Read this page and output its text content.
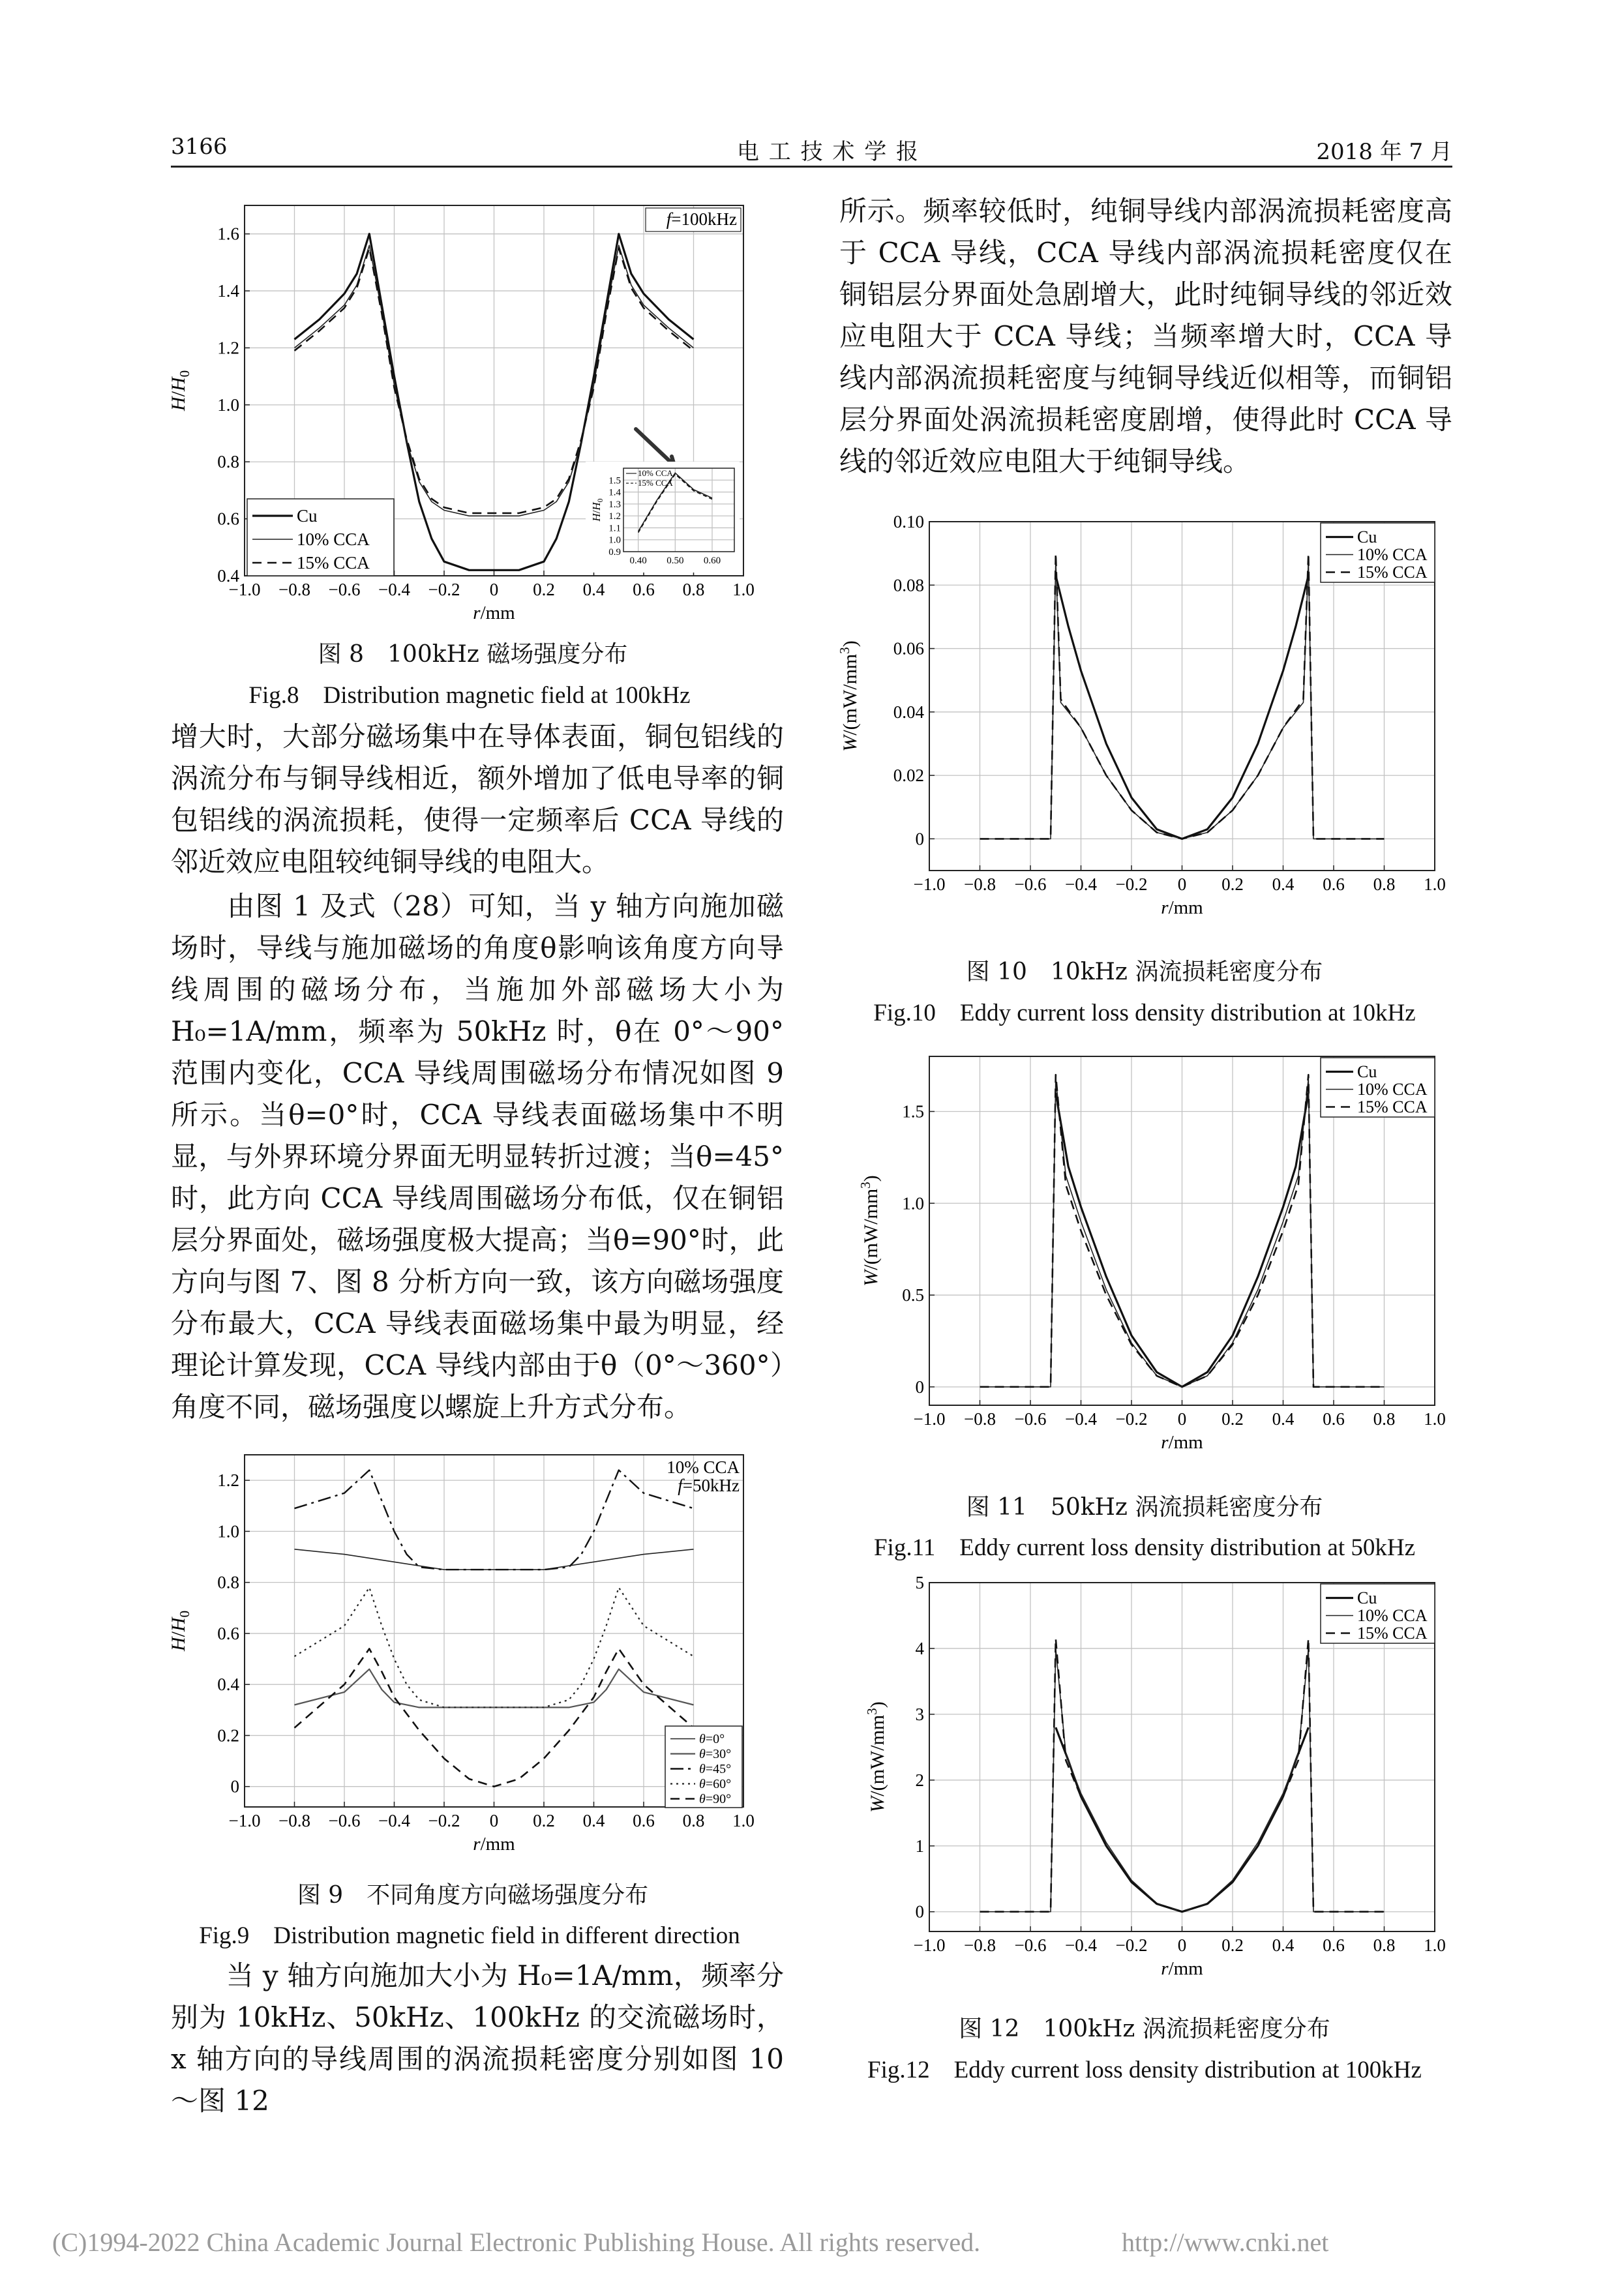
3166	电 工 技 术 学 报	2018 年 7 月
−1.0 −0.8 −0.6 −0.4 −0.2 0 0.2 0.4 0.6 0.8 1.0
0.4
0.6
0.8
1.0
1.2
1.4
1.6
r/mm
$H/H_0$
Cu
10% CCA
15% CCA
f=100kHz
0.40 0.50 0.60
0.9
1.0
1.1
1.2
1.3
1.4
1.5
$H/H_0$
10% CCA
15% CCA
图 8　100kHz 磁场强度分布
Fig.8　Distribution magnetic field at 100kHz
增大时，大部分磁场集中在导体表面，铜包铝线的涡流分布与铜导线相近，额外增加了低电导率的铜包铝线的涡流损耗，使得一定频率后 CCA 导线的邻近效应电阻较纯铜导线的电阻大。
　　由图 1 及式（28）可知，当 y 轴方向施加磁场时，导线与施加磁场的角度θ影响该角度方向导线周围的磁场分布，当施加外部磁场大小为 H₀=1A/mm，频率为 50kHz 时，θ在 0°～90°范围内变化，CCA 导线周围磁场分布情况如图 9 所示。当θ=0°时，CCA 导线表面磁场集中不明显，与外界环境分界面无明显转折过渡；当θ=45°时，此方向 CCA 导线周围磁场分布低，仅在铜铝层分界面处，磁场强度极大提高；当θ=90°时，此方向与图 7、图 8 分析方向一致，该方向磁场强度分布最大，CCA 导线表面磁场集中最为明显，经理论计算发现，CCA 导线内部由于θ（0°～360°）角度不同，磁场强度以螺旋上升方式分布。
−1.0 −0.8 −0.6 −0.4 −0.2 0 0.2 0.4 0.6 0.8 1.0
0
0.2
0.4
0.6
0.8
1.0
1.2
r/mm
$H/H_0$
θ=0°
θ=30°
θ=45°
θ=60°
θ=90°
10% CCA
f=50kHz
图 9　不同角度方向磁场强度分布
Fig.9　Distribution magnetic field in different direction
　　当 y 轴方向施加大小为 H₀=1A/mm，频率分别为 10kHz、50kHz、100kHz 的交流磁场时，x 轴方向的导线周围的涡流损耗密度分别如图 10～图 12
所示。频率较低时，纯铜导线内部涡流损耗密度高于 CCA 导线，CCA 导线内部涡流损耗密度仅在铜铝层分界面处急剧增大，此时纯铜导线的邻近效应电阻大于 CCA 导线；当频率增大时，CCA 导线内部涡流损耗密度与纯铜导线近似相等，而铜铝层分界面处涡流损耗密度剧增，使得此时 CCA 导线的邻近效应电阻大于纯铜导线。
−1.0 −0.8 −0.6 −0.4 −0.2 0 0.2 0.4 0.6 0.8 1.0
0
0.02
0.04
0.06
0.08
0.10
r/mm
$W/(mW/mm^3)$
Cu
10% CCA
15% CCA
图 10　10kHz 涡流损耗密度分布
Fig.10　Eddy current loss density distribution at 10kHz
−1.0 −0.8 −0.6 −0.4 −0.2 0 0.2 0.4 0.6 0.8 1.0
0
0.5
1.0
1.5
r/mm
$W/(mW/mm^3)$
Cu
10% CCA
15% CCA
图 11　50kHz 涡流损耗密度分布
Fig.11　Eddy current loss density distribution at 50kHz
−1.0 −0.8 −0.6 −0.4 −0.2 0 0.2 0.4 0.6 0.8 1.0
0
1
2
3
4
5
r/mm
$W/(mW/mm^3)$
Cu
10% CCA
15% CCA
图 12　100kHz 涡流损耗密度分布
Fig.12　Eddy current loss density distribution at 100kHz
(C)1994-2022 China Academic Journal Electronic Publishing House. All rights reserved.	http://www.cnki.net
